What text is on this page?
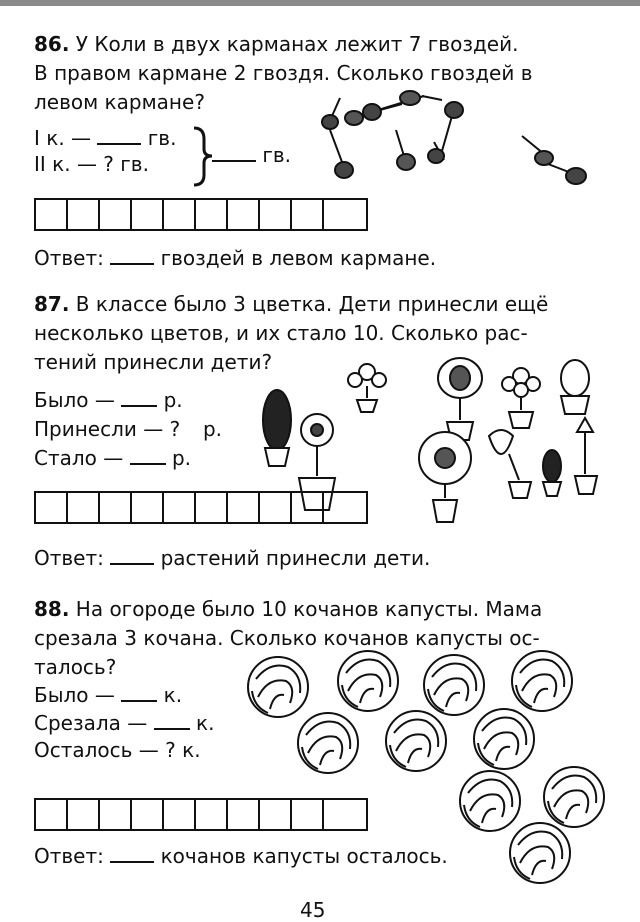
86. У Коли в двух карманах лежит 7 гвоздей.
В правом кармане 2 гвоздя. Сколько гвоздей в
левом кармане?
I к. —	гв.
II к. — ? гв.	гв.
Ответ:	гвоздей в левом кармане.
87. В классе было 3 цветка. Дети принесли ещё
несколько цветов, и их стало 10. Сколько рас-
тений принесли дети?
Было — р.
Принесли — ? р.
Стало — р.
Ответ:	растений принесли дети.
88. На огороде было 10 кочанов капусты. Мама
срезала 3 кочана. Сколько кочанов капусты ос-
талось?
Было — к.
Срезала — к.
Осталось — ? к.
Ответ:	кочанов капусты осталось.
45
